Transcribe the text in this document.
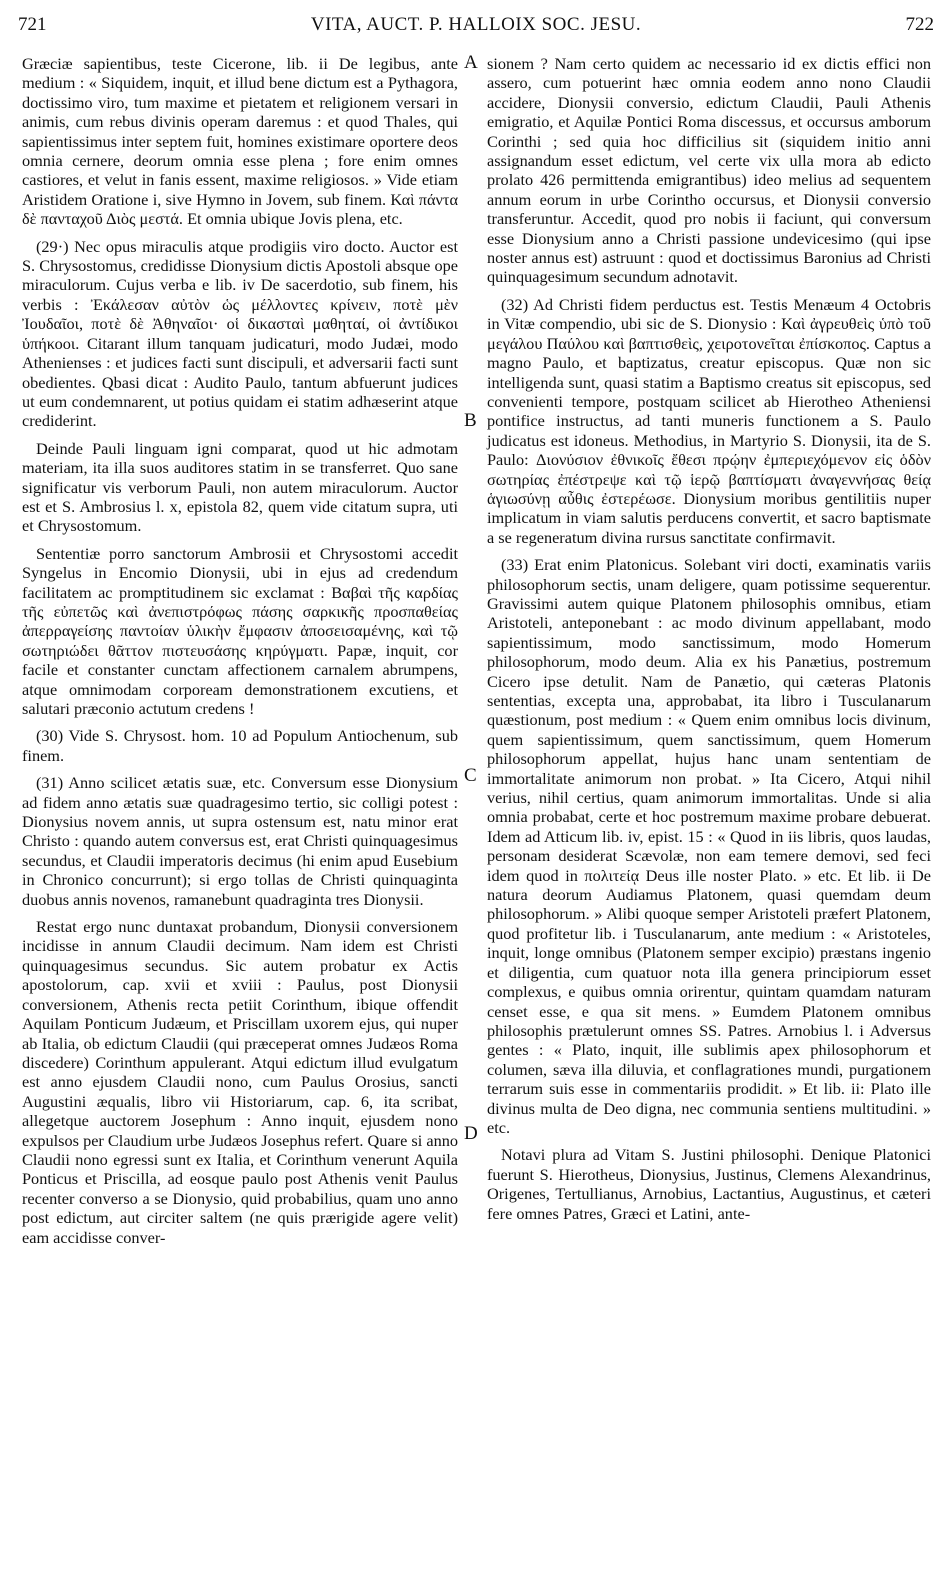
721	VITA, AUCT. P. HALLOIX SOC. JESU.	722

Græciæ sapientibus, teste Cicerone, lib. ii De legibus, ante medium : « Siquidem, inquit, et illud bene dictum est a Pythagora, doctissimo viro, tum maxime et pietatem et religionem versari in animis, cum rebus divinis operam daremus : et quod Thales, qui sapientissimus inter septem fuit, homines existimare oportere deos omnia cernere, deorum omnia esse plena ; fore enim omnes castiores, et velut in fanis essent, maxime religiosos. » Vide etiam Aristidem Oratione i, sive Hymno in Jovem, sub finem. Καὶ πάντα δὲ πανταχοῦ Διὸς μεστά. Et omnia ubique Jovis plena, etc.

(29·) Nec opus miraculis atque prodigiis viro docto. Auctor est S. Chrysostomus, credidisse Dionysium dictis Apostoli absque ope miraculorum. Cujus verba e lib. iv De sacerdotio, sub finem, his verbis : Ἐκάλεσαν αὐτὸν ὡς μέλλοντες κρίνειν, ποτὲ μὲν Ἰουδαῖοι, ποτὲ δὲ Ἀθηναῖοι· οἱ δικασταὶ μαθηταί, οἱ ἀντίδικοι ὑπήκοοι. Citarant illum tanquam judicaturi, modo Judæi, modo Athenienses : et judices facti sunt discipuli, et adversarii facti sunt obedientes. Qbasi dicat : Audito Paulo, tantum abfuerunt judices ut eum condemnarent, ut potius quidam ei statim adhæserint atque crediderint.

Deinde Pauli linguam igni comparat, quod ut hic admotam materiam, ita illa suos auditores statim in se transferret. Quo sane significatur vis verborum Pauli, non autem miraculorum. Auctor est et S. Ambrosius l. x, epistola 82, quem vide citatum supra, uti et Chrysostomum.

Sententiæ porro sanctorum Ambrosii et Chrysostomi accedit Syngelus in Encomio Dionysii, ubi in ejus ad credendum facilitatem ac promptitudinem sic exclamat : Βαβαὶ τῆς καρδίας τῆς εὐπετῶς καὶ ἀνεπιστρόφως πάσης σαρκικῆς προσπαθείας ἀπερραγείσης παντοίαν ὑλικὴν ἔμφασιν ἀποσεισαμένης, καὶ τῷ σωτηριώδει θᾶττον πιστευσάσης κηρύγματι. Papæ, inquit, cor facile et constanter cunctam affectionem carnalem abrumpens, atque omnimodam corpoream demonstrationem excutiens, et salutari præconio actutum credens !

(30) Vide S. Chrysost. hom. 10 ad Populum Antiochenum, sub finem.

(31) Anno scilicet ætatis suæ, etc. Conversum esse Dionysium ad fidem anno ætatis suæ quadragesimo tertio, sic colligi potest : Dionysius novem annis, ut supra ostensum est, natu minor erat Christo : quando autem conversus est, erat Christi quinquagesimus secundus, et Claudii imperatoris decimus (hi enim apud Eusebium in Chronico concurrunt); si ergo tollas de Christi quinquaginta duobus annis novenos, ramanebunt quadraginta tres Dionysii.

Restat ergo nunc duntaxat probandum, Dionysii conversionem incidisse in annum Claudii decimum. Nam idem est Christi quinquagesimus secundus. Sic autem probatur ex Actis apostolorum, cap. xvii et xviii : Paulus, post Dionysii conversionem, Athenis recta petiit Corinthum, ibique offendit Aquilam Ponticum Judæum, et Priscillam uxorem ejus, qui nuper ab Italia, ob edictum Claudii (qui præceperat omnes Judæos Roma discedere) Corinthum appulerant. Atqui edictum illud evulgatum est anno ejusdem Claudii nono, cum Paulus Orosius, sancti Augustini æqualis, libro vii Historiarum, cap. 6, ita scribat, allegetque auctorem Josephum : Anno inquit, ejusdem nono expulsos per Claudium urbe Judæos Josephus refert. Quare si anno Claudii nono egressi sunt ex Italia, et Corinthum venerunt Aquila Ponticus et Priscilla, ad eosque paulo post Athenis venit Paulus recenter converso a se Dionysio, quid probabilius, quam uno anno post edictum, aut circiter saltem (ne quis prærigide agere velit) eam accidisse conver-

A
B
C
D

sionem ? Nam certo quidem ac necessario id ex dictis effici non assero, cum potuerint hæc omnia eodem anno nono Claudii accidere, Dionysii conversio, edictum Claudii, Pauli Athenis emigratio, et Aquilæ Pontici Roma discessus, et occursus amborum Corinthi ; sed quia hoc difficilius sit (siquidem initio anni assignandum esset edictum, vel certe vix ulla mora ab edicto prolato 426 permittenda emigrantibus) ideo melius ad sequentem annum eorum in urbe Corintho occursus, et Dionysii conversio transferuntur. Accedit, quod pro nobis ii faciunt, qui conversum esse Dionysium anno a Christi passione undevicesimo (qui ipse noster annus est) astruunt : quod et doctissimus Baronius ad Christi quinquagesimum secundum adnotavit.

(32) Ad Christi fidem perductus est. Testis Menæum 4 Octobris in Vitæ compendio, ubi sic de S. Dionysio : Καὶ ἀγρευθεὶς ὑπὸ τοῦ μεγάλου Παύλου καὶ βαπτισθεὶς, χειροτονεῖται ἐπίσκοπος. Captus a magno Paulo, et baptizatus, creatur episcopus. Quæ non sic intelligenda sunt, quasi statim a Baptismo creatus sit episcopus, sed convenienti tempore, postquam scilicet ab Hierotheo Atheniensi pontifice instructus, ad tanti muneris functionem a S. Paulo judicatus est idoneus. Methodius, in Martyrio S. Dionysii, ita de S. Paulo: Διονύσιον ἐθνικοῖς ἔθεσι πρῴην ἐμπεριεχόμενον εἰς ὁδὸν σωτηρίας ἐπέστρεψε καὶ τῷ ἱερῷ βαπτίσματι ἀναγεννήσας θείᾳ ἁγιωσύνῃ αὖθις ἐστερέωσε. Dionysium moribus gentilitiis nuper implicatum in viam salutis perducens convertit, et sacro baptismate a se regeneratum divina rursus sanctitate confirmavit.

(33) Erat enim Platonicus. Solebant viri docti, examinatis variis philosophorum sectis, unam deligere, quam potissime sequerentur. Gravissimi autem quique Platonem philosophis omnibus, etiam Aristoteli, anteponebant : ac modo divinum appellabant, modo sapientissimum, modo sanctissimum, modo Homerum philosophorum, modo deum. Alia ex his Panætius, postremum Cicero ipse detulit. Nam de Panætio, qui cæteras Platonis sententias, excepta una, approbabat, ita libro i Tusculanarum quæstionum, post medium : « Quem enim omnibus locis divinum, quem sapientissimum, quem sanctissimum, quem Homerum philosophorum appellat, hujus hanc unam sententiam de immortalitate animorum non probat. » Ita Cicero, Atqui nihil verius, nihil certius, quam animorum immortalitas. Unde si alia omnia probabat, certe et hoc postremum maxime probare debuerat. Idem ad Atticum lib. iv, epist. 15 : « Quod in iis libris, quos laudas, personam desiderat Scævolæ, non eam temere demovi, sed feci idem quod in πολιτείᾳ Deus ille noster Plato. » etc. Et lib. ii De natura deorum Audiamus Platonem, quasi quemdam deum philosophorum. » Alibi quoque semper Aristoteli præfert Platonem, quod profitetur lib. i Tusculanarum, ante medium : « Aristoteles, inquit, longe omnibus (Platonem semper excipio) præstans ingenio et diligentia, cum quatuor nota illa genera principiorum esset complexus, e quibus omnia orirentur, quintam quamdam naturam censet esse, e qua sit mens. » Eumdem Platonem omnibus philosophis prætulerunt omnes SS. Patres. Arnobius l. i Adversus gentes : « Plato, inquit, ille sublimis apex philosophorum et columen, sæva illa diluvia, et conflagrationes mundi, purgationem terrarum suis esse in commentariis prodidit. » Et lib. ii: Plato ille divinus multa de Deo digna, nec communia sentiens multitudini. » etc.

Notavi plura ad Vitam S. Justini philosophi. Denique Platonici fuerunt S. Hierotheus, Dionysius, Justinus, Clemens Alexandrinus, Origenes, Tertullianus, Arnobius, Lactantius, Augustinus, et cæteri fere omnes Patres, Græci et Latini, ante-
